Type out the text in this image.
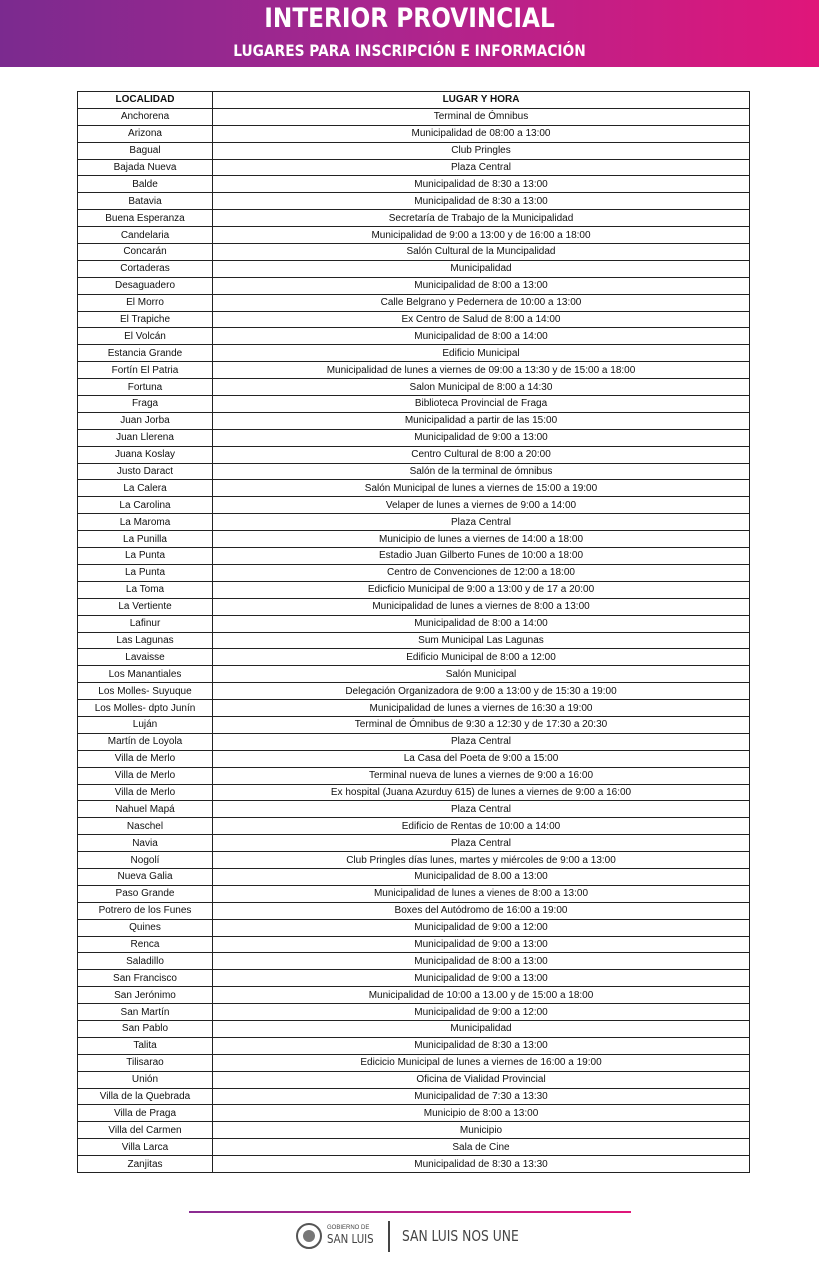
INTERIOR PROVINCIAL
LUGARES PARA INSCRIPCIÓN E INFORMACIÓN
LOCALIDAD	LUGAR Y HORA
Anchorena	Terminal de Ómnibus
Arizona	Municipalidad de 08:00 a 13:00
Bagual	Club Pringles
Bajada Nueva	Plaza Central
Balde	Municipalidad de 8:30 a 13:00
Batavia	Municipalidad de 8:30 a 13:00
Buena Esperanza	Secretaría de Trabajo de la Municipalidad
Candelaria	Municipalidad de 9:00 a 13:00 y de 16:00 a 18:00
Concarán	Salón Cultural de la Muncipalidad
Cortaderas	Municipalidad
Desaguadero	Municipalidad de 8:00 a 13:00
El Morro	Calle Belgrano y Pedernera de 10:00 a 13:00
El Trapiche	Ex Centro de Salud de 8:00 a 14:00
El Volcán	Municipalidad de 8:00 a 14:00
Estancia Grande	Edificio Municipal
Fortín El Patria	Municipalidad de lunes a viernes de 09:00 a 13:30 y de 15:00 a 18:00
Fortuna	Salon Municipal de 8:00 a 14:30
Fraga	Biblioteca Provincial de Fraga
Juan Jorba	Municipalidad a partir de las 15:00
Juan Llerena	Municipalidad de 9:00 a 13:00
Juana Koslay	Centro Cultural de 8:00 a 20:00
Justo Daract	Salón de la terminal de ómnibus
La Calera	Salón Municipal de lunes a viernes de 15:00 a 19:00
La Carolina	Velaper de lunes a viernes de 9:00 a 14:00
La Maroma	Plaza Central
La Punilla	Municipio de lunes a viernes de 14:00 a 18:00
La Punta	Estadio Juan Gilberto Funes de 10:00 a 18:00
La Punta	Centro de Convenciones de 12:00 a 18:00
La Toma	Edicficio Municipal de 9:00 a 13:00 y de 17 a 20:00
La Vertiente	Municipalidad de lunes a viernes de 8:00 a 13:00
Lafinur	Municipalidad de 8:00 a 14:00
Las Lagunas	Sum Municipal Las Lagunas
Lavaisse	Edificio Municipal de 8:00 a 12:00
Los Manantiales	Salón Municipal
Los Molles- Suyuque	Delegación Organizadora de 9:00 a 13:00 y de 15:30 a 19:00
Los Molles- dpto Junín	Municipalidad de lunes a viernes de 16:30 a 19:00
Luján	Terminal de Ómnibus de 9:30 a 12:30 y de 17:30 a 20:30
Martín de Loyola	Plaza Central
Villa de Merlo	La Casa del Poeta de 9:00 a 15:00
Villa de Merlo	Terminal nueva de lunes a viernes de 9:00 a 16:00
Villa de Merlo	Ex hospital (Juana Azurduy 615) de lunes a viernes de 9:00 a 16:00
Nahuel Mapá	Plaza Central
Naschel	Edificio de Rentas de 10:00 a 14:00
Navia	Plaza Central
Nogolí	Club Pringles días lunes, martes y miércoles de 9:00 a 13:00
Nueva Galia	Municipalidad de 8.00 a 13:00
Paso Grande	Municipalidad de lunes a vienes de 8:00 a 13:00
Potrero de los Funes	Boxes del Autódromo de 16:00 a 19:00
Quines	Municipalidad de 9:00 a 12:00
Renca	Municipalidad de 9:00 a 13:00
Saladillo	Municipalidad de 8:00 a 13:00
San Francisco	Municipalidad de 9:00 a 13:00
San Jerónimo	Municipalidad de 10:00 a 13.00 y de 15:00 a 18:00
San Martín	Municipalidad de 9:00 a 12:00
San Pablo	Municipalidad
Talita	Municipalidad de 8:30 a 13:00
Tilisarao	Edicicio Municipal de lunes a viernes de 16:00 a 19:00
Unión	Oficina de Vialidad Provincial
Villa de la Quebrada	Municipalidad de 7:30 a 13:30
Villa de Praga	Municipio de 8:00 a 13:00
Villa del Carmen	Municipio
Villa Larca	Sala de Cine
Zanjitas	Municipalidad de 8:30 a 13:30
GOBIERNO DE
SAN LUIS SAN LUIS NOS UNE
